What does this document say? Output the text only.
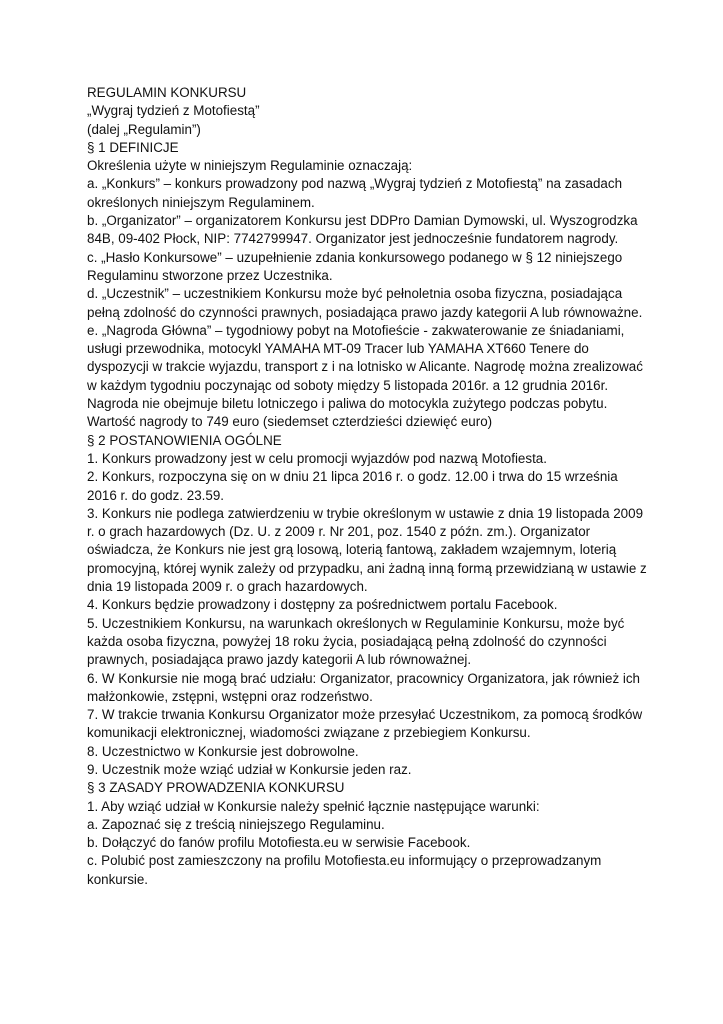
REGULAMIN KONKURSU

„Wygraj tydzień z Motofiestą”

(dalej „Regulamin”)

§ 1 DEFINICJE

Określenia użyte w niniejszym Regulaminie oznaczają:

a. „Konkurs” – konkurs prowadzony pod nazwą „Wygraj tydzień z Motofiestą” na zasadach określonych niniejszym Regulaminem.

b. „Organizator” – organizatorem Konkursu jest DDPro Damian Dymowski, ul. Wyszogrodzka 84B, 09-402 Płock, NIP: 7742799947. Organizator jest jednocześnie fundatorem nagrody.

c. „Hasło Konkursowe” – uzupełnienie zdania konkursowego podanego w § 12 niniejszego Regulaminu stworzone przez Uczestnika.

d. „Uczestnik” – uczestnikiem Konkursu może być pełnoletnia osoba fizyczna, posiadająca pełną zdolność do czynności prawnych, posiadająca prawo jazdy kategorii A lub równoważne.

e. „Nagroda Główna” – tygodniowy pobyt na Motofieście - zakwaterowanie ze śniadaniami, usługi przewodnika, motocykl YAMAHA MT-09 Tracer lub YAMAHA XT660 Tenere do dyspozycji w trakcie wyjazdu, transport z i na lotnisko w Alicante. Nagrodę można zrealizować w każdym tygodniu poczynając od soboty między 5 listopada 2016r. a 12 grudnia 2016r. Nagroda nie obejmuje biletu lotniczego i paliwa do motocykla zużytego podczas pobytu. Wartość nagrody to 749 euro (siedemset czterdzieści dziewięć euro)

§ 2 POSTANOWIENIA OGÓLNE

1. Konkurs prowadzony jest w celu promocji wyjazdów pod nazwą Motofiesta.

2. Konkurs, rozpoczyna się on w dniu 21 lipca 2016 r. o godz. 12.00 i trwa do 15 września 2016 r. do godz. 23.59.

3. Konkurs nie podlega zatwierdzeniu w trybie określonym w ustawie z dnia 19 listopada 2009 r. o grach hazardowych (Dz. U. z 2009 r. Nr 201, poz. 1540 z późn. zm.). Organizator oświadcza, że Konkurs nie jest grą losową, loterią fantową, zakładem wzajemnym, loterią promocyjną, której wynik zależy od przypadku, ani żadną inną formą przewidzianą w ustawie z dnia 19 listopada 2009 r. o grach hazardowych.

4. Konkurs będzie prowadzony i dostępny za pośrednictwem portalu Facebook.

5. Uczestnikiem Konkursu, na warunkach określonych w Regulaminie Konkursu, może być każda osoba fizyczna, powyżej 18 roku życia, posiadającą pełną zdolność do czynności prawnych, posiadająca prawo jazdy kategorii A lub równoważnej.

6. W Konkursie nie mogą brać udziału: Organizator, pracownicy Organizatora, jak również ich małżonkowie, zstępni, wstępni oraz rodzeństwo.

7. W trakcie trwania Konkursu Organizator może przesyłać Uczestnikom, za pomocą środków komunikacji elektronicznej, wiadomości związane z przebiegiem Konkursu.

8. Uczestnictwo w Konkursie jest dobrowolne.

9. Uczestnik może wziąć udział w Konkursie jeden raz.

§ 3 ZASADY PROWADZENIA KONKURSU

1. Aby wziąć udział w Konkursie należy spełnić łącznie następujące warunki:

a. Zapoznać się z treścią niniejszego Regulaminu.

b. Dołączyć do fanów profilu Motofiesta.eu w serwisie Facebook.

c. Polubić post zamieszczony na profilu Motofiesta.eu informujący o przeprowadzanym konkursie.
